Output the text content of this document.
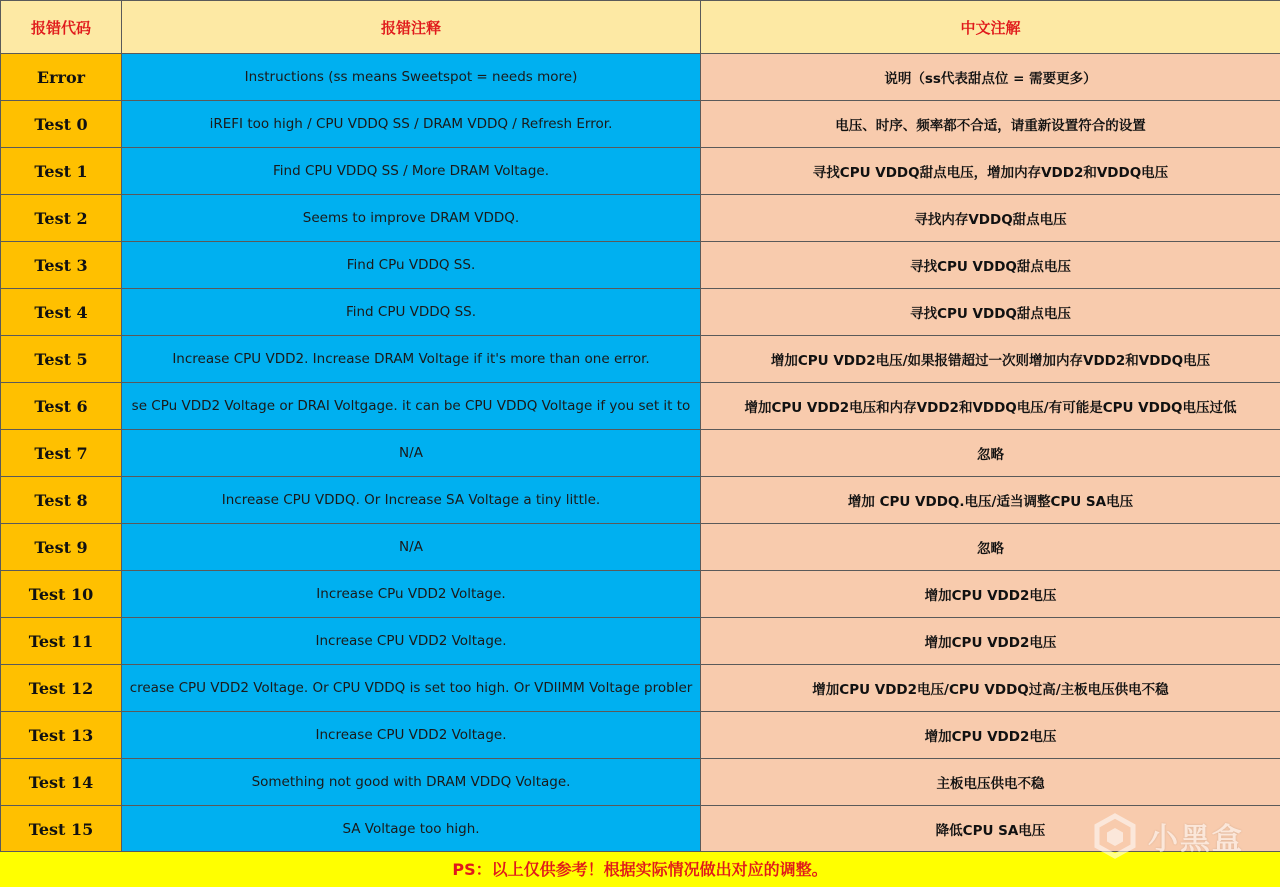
报错代码	报错注释	中文注解
Error	Instructions (ss means Sweetspot = needs more)	说明（ss代表甜点位 = 需要更多）
Test 0	iREFI too high / CPU VDDQ SS / DRAM VDDQ / Refresh Error.	电压、时序、频率都不合适，请重新设置符合的设置
Test 1	Find CPU VDDQ SS / More DRAM Voltage.	寻找CPU VDDQ甜点电压，增加内存VDD2和VDDQ电压
Test 2	Seems to improve DRAM VDDQ.	寻找内存VDDQ甜点电压
Test 3	Find CPu VDDQ SS.	寻找CPU VDDQ甜点电压
Test 4	Find CPU VDDQ SS.	寻找CPU VDDQ甜点电压
Test 5	Increase CPU VDD2. Increase DRAM Voltage if it's more than one error.	增加CPU VDD2电压/如果报错超过一次则增加内存VDD2和VDDQ电压
Test 6	se CPu VDD2 Voltage or DRAI Voltgage. it can be CPU VDDQ Voltage if you set it to	增加CPU VDD2电压和内存VDD2和VDDQ电压/有可能是CPU VDDQ电压过低
Test 7	N/A	忽略
Test 8	Increase CPU VDDQ. Or Increase SA Voltage a tiny little.	增加 CPU VDDQ.电压/适当调整CPU SA电压
Test 9	N/A	忽略
Test 10	Increase CPu VDD2 Voltage.	增加CPU VDD2电压
Test 11	Increase CPU VDD2 Voltage.	增加CPU VDD2电压
Test 12	crease CPU VDD2 Voltage. Or CPU VDDQ is set too high. Or VDlIMM Voltage probler	增加CPU VDD2电压/CPU VDDQ过高/主板电压供电不稳
Test 13	Increase CPU VDD2 Voltage.	增加CPU VDD2电压
Test 14	Something not good with DRAM VDDQ Voltage.	主板电压供电不稳
Test 15	SA Voltage too high.	降低CPU SA电压
PS：以上仅供参考！根据实际情况做出对应的调整。
小黑盒
